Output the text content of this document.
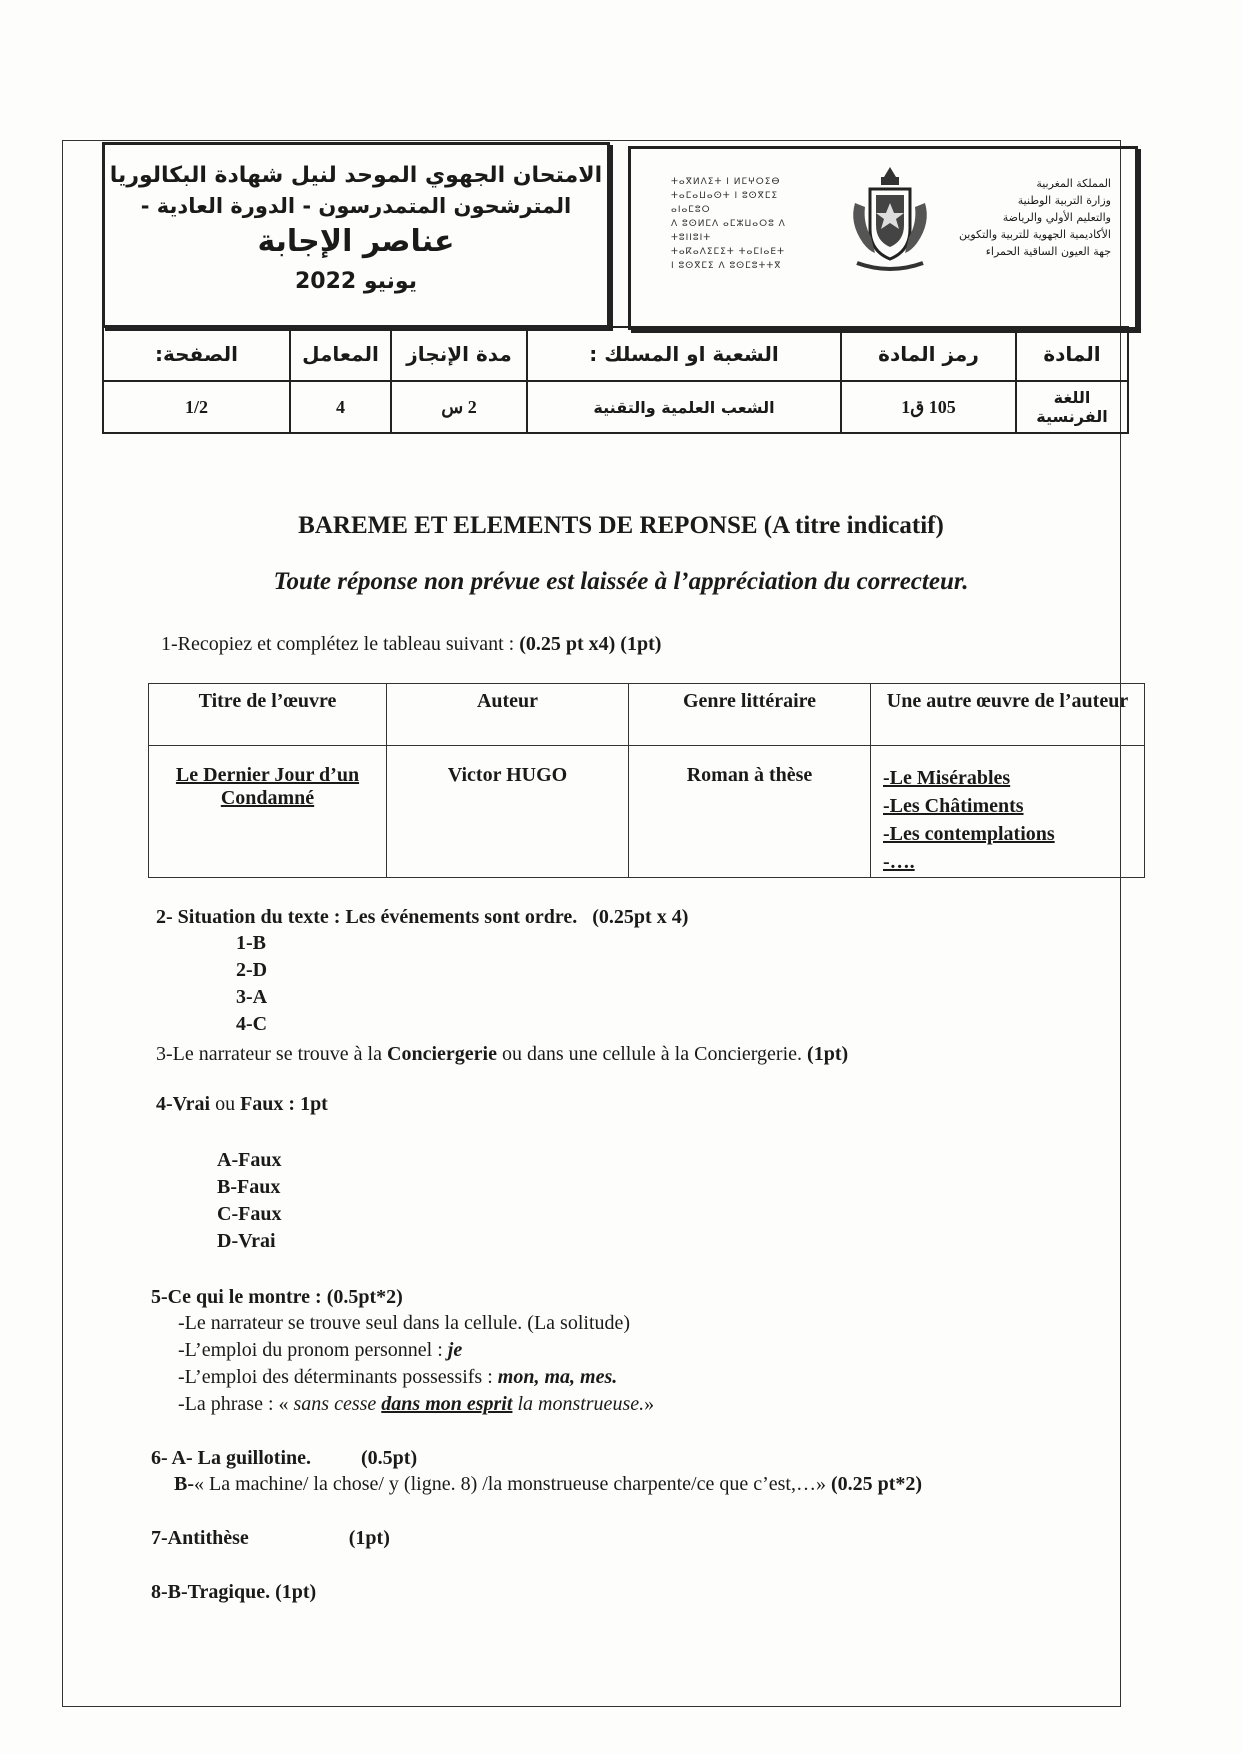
الامتحان الجهوي الموحد لنيل شهادة البكالوريا
المترشحون المتمدرسون - الدورة العادية -
عناصر الإجابة
يونيو 2022
ⵜⴰⴳⵍⴷⵉⵜ ⵏ ⵍⵎⵖⵔⵉⴱ
ⵜⴰⵎⴰⵡⴰⵙⵜ ⵏ ⵓⵙⴳⵎⵉ ⴰⵏⴰⵎⵓⵔ
ⴷ ⵓⵙⵍⵎⴷ ⴰⵎⵣⵡⴰⵔⵓ ⴷ ⵜⵓⵏⵏⵓⵏⵜ
ⵜⴰⴽⴰⴷⵉⵎⵉⵜ ⵜⴰⵎⵏⴰⴹⵜ
ⵏ ⵓⵙⴳⵎⵉ ⴷ ⵓⵙⵎⵓⵜⵜⴳ
المملكة المغربية
وزارة التربية الوطنية
والتعليم الأولي والرياضة
الأكاديمية الجهوية للتربية والتكوين
جهة العيون الساقية الحمراء
المادة	رمز المادة	الشعبة او المسلك :	مدة الإنجاز	المعامل	الصفحة:
اللغة الفرنسية	105 ق1	الشعب العلمية والتقنية	2 س	4	1/2
BAREME ET ELEMENTS DE REPONSE (A titre indicatif)
Toute réponse non prévue est laissée à l’appréciation du correcteur.
1-Recopiez et complétez le tableau suivant : (0.25 pt x4) (1pt)
Titre de l’œuvre	Auteur	Genre littéraire	Une autre œuvre de l’auteur
Le Dernier Jour d’un Condamné	Victor HUGO	Roman à thèse	-Le Misérables
-Les Châtiments
-Les contemplations
-….
2- Situation du texte : Les événements sont ordre. (0.25pt x 4)
1-B
2-D
3-A
4-C
3-Le narrateur se trouve à la Conciergerie ou dans une cellule à la Conciergerie. (1pt)
4-Vrai ou Faux : 1pt
A-Faux
B-Faux
C-Faux
D-Vrai
5-Ce qui le montre : (0.5pt*2)
-Le narrateur se trouve seul dans la cellule. (La solitude)
-L’emploi du pronom personnel : je
-L’emploi des déterminants possessifs : mon, ma, mes.
-La phrase : « sans cesse dans mon esprit la monstrueuse.»
6- A- La guillotine.	(0.5pt)
B-« La machine/ la chose/ y (ligne. 8) /la monstrueuse charpente/ce que c’est,…» (0.25 pt*2)
7-Antithèse	(1pt)
8-B-Tragique. (1pt)
